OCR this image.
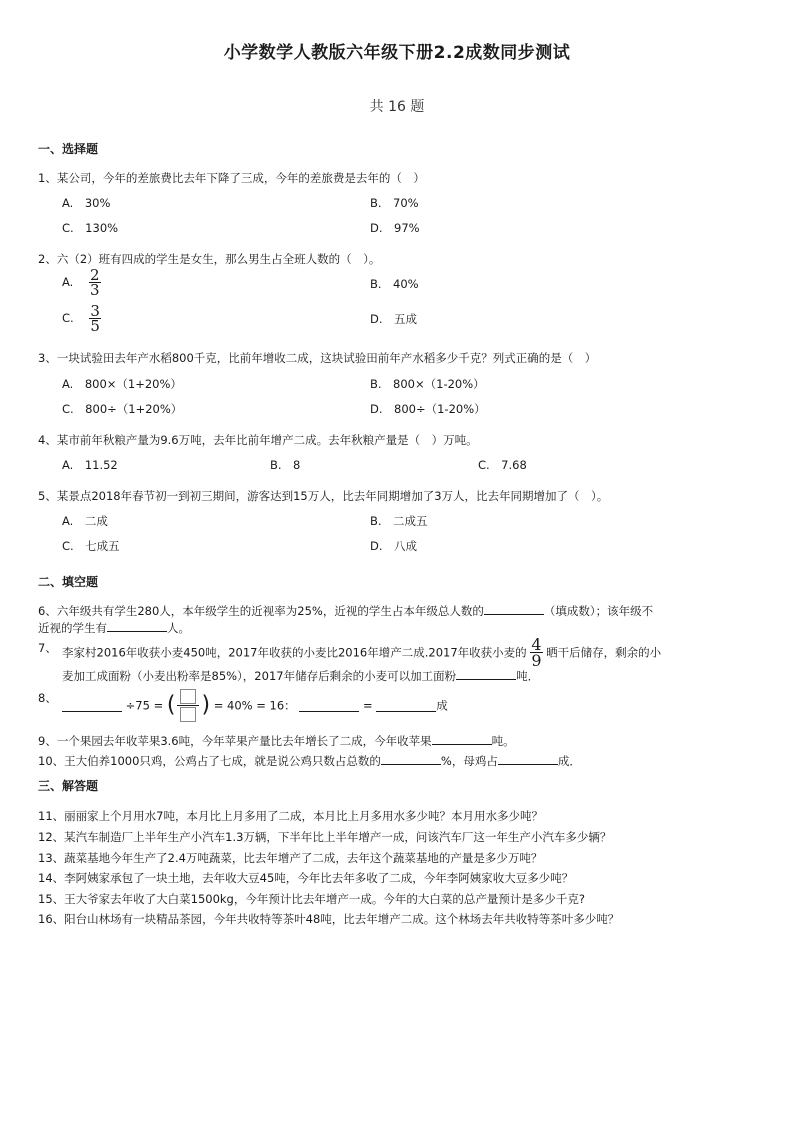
小学数学人教版六年级下册2.2成数同步测试
共 16 题
一、选择题
1、某公司，今年的差旅费比去年下降了三成，今年的差旅费是去年的（　）
A.　30%	B.　70%
C.　130%	D.　97%
2、六（2）班有四成的学生是女生，那么男生占全班人数的（　）。
A. $\frac{2}{3}$	B.　40%
C. $\frac{3}{5}$	D.　五成
3、一块试验田去年产水稻800千克，比前年增收二成，这块试验田前年产水稻多少千克？列式正确的是（　）
A.　800×（1+20%）	B.　800×（1-20%）
C.　800÷（1+20%）	D.　800÷（1-20%）
4、某市前年秋粮产量为9.6万吨，去年比前年增产二成。去年秋粮产量是（　）万吨。
A.　11.52	B.　8	C.　7.68
5、某景点2018年春节初一到初三期间，游客达到15万人，比去年同期增加了3万人，比去年同期增加了（　）。
A.　二成	B.　二成五
C.　七成五	D.　八成
二、填空题
6、六年级共有学生280人，本年级学生的近视率为25%，近视的学生占本年级总人数的	（填成数）；该年级不
近视的学生有	人。
7、 李家村2016年收获小麦450吨，2017年收获的小麦比2016年增产二成.2017年收获小麦的 $\frac{4}{9}$ 晒干后储存，剩余的小
麦加工成面粉（小麦出粉率是85%），2017年储存后剩余的小麦可以加工面粉	吨．
8、
÷75 = ( ) = 40% = 16：	=	成
9、一个果园去年收苹果3.6吨，今年苹果产量比去年增长了二成，今年收苹果	吨。
10、王大伯养1000只鸡，公鸡占了七成，就是说公鸡只数占总数的	%，母鸡占	成．
三、解答题
11、丽丽家上个月用水7吨，本月比上月多用了二成，本月比上月多用水多少吨？本月用水多少吨？
12、某汽车制造厂上半年生产小汽车1.3万辆，下半年比上半年增产一成，问该汽车厂这一年生产小汽车多少辆？
13、蔬菜基地今年生产了2.4万吨蔬菜，比去年增产了二成，去年这个蔬菜基地的产量是多少万吨？
14、李阿姨家承包了一块土地，去年收大豆45吨，今年比去年多收了二成，今年李阿姨家收大豆多少吨？
15、王大爷家去年收了大白菜1500kg，今年预计比去年增产一成。今年的大白菜的总产量预计是多少千克?
16、阳台山林场有一块精品茶园，今年共收特等茶叶48吨，比去年增产二成。这个林场去年共收特等茶叶多少吨？
